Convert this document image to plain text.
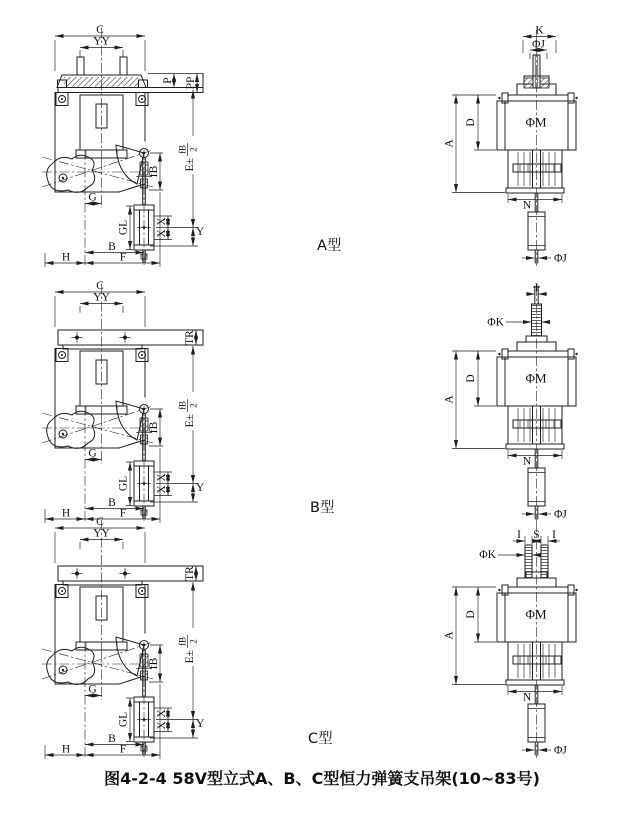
C
YY
P PP
fB
E±
fB 2
G
GL X
X Y
B
H	F
K
ΦJ
ΦM
D
A
N
ΦJ
A型
C
YY
TR
fB
E±
fB 2
G
GL X
X Y
B
H	F
I
ΦK
ΦM
D
A
N
ΦJ
B型
C
YY
TR
fB
E±
fB 2
G
GL X
X Y
B
H	F
I S I
ΦK
ΦM
D
A
N
ΦJ
C型
图4-2-4 58V型立式A、B、C型恒力弹簧支吊架(10~83号)
